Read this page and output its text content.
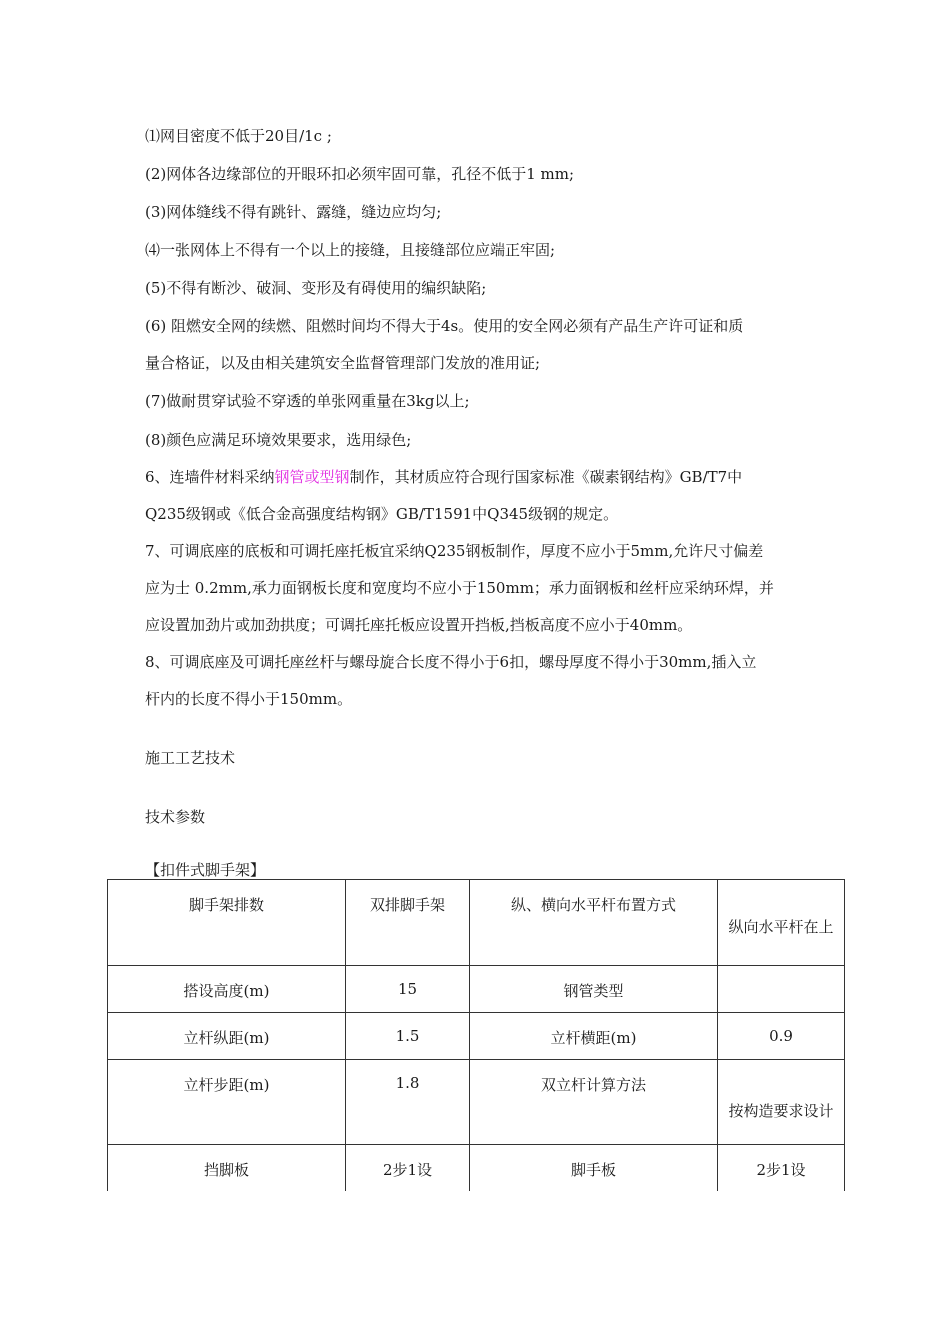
⑴网目密度不低于20目/1c ;
(2)网体各边缘部位的开眼环扣必须牢固可靠，孔径不低于1 mm;
(3)网体缝线不得有跳针、露缝，缝边应均匀;
⑷一张网体上不得有一个以上的接缝，且接缝部位应端正牢固;
(5)不得有断沙、破洞、变形及有碍使用的编织缺陷;
(6) 阻燃安全网的续燃、阻燃时间均不得大于4s。使用的安全网必须有产品生产许可证和质
量合格证，以及由相关建筑安全监督管理部门发放的准用证;
(7)做耐贯穿试验不穿透的单张网重量在3kg以上;
(8)颜色应满足环境效果要求，选用绿色;
6、连墙件材料采纳钢管或型钢制作，其材质应符合现行国家标准《碳素钢结构》GB/T7中
Q235级钢或《低合金高强度结构钢》GB/T1591中Q345级钢的规定。
7、可调底座的底板和可调托座托板宜采纳Q235钢板制作，厚度不应小于5mm,允许尺寸偏差
应为士 0.2mm,承力面钢板长度和宽度均不应小于150mm；承力面钢板和丝杆应采纳环焊，并
应设置加劲片或加劲拱度；可调托座托板应设置开挡板,挡板高度不应小于40mm。
8、可调底座及可调托座丝杆与螺母旋合长度不得小于6扣，螺母厚度不得小于30mm,插入立
杆内的长度不得小于150mm。
施工工艺技术
技术参数
【扣件式脚手架】
脚手架排数	双排脚手架	纵、横向水平杆布置方式	纵向水平杆在上

搭设高度(m)	15	钢管类型	

立杆纵距(m)	1.5	立杆横距(m)	0.9

立杆步距(m)	1.8	双立杆计算方法	按构造要求设计

挡脚板	2步1设	脚手板	2步1设
